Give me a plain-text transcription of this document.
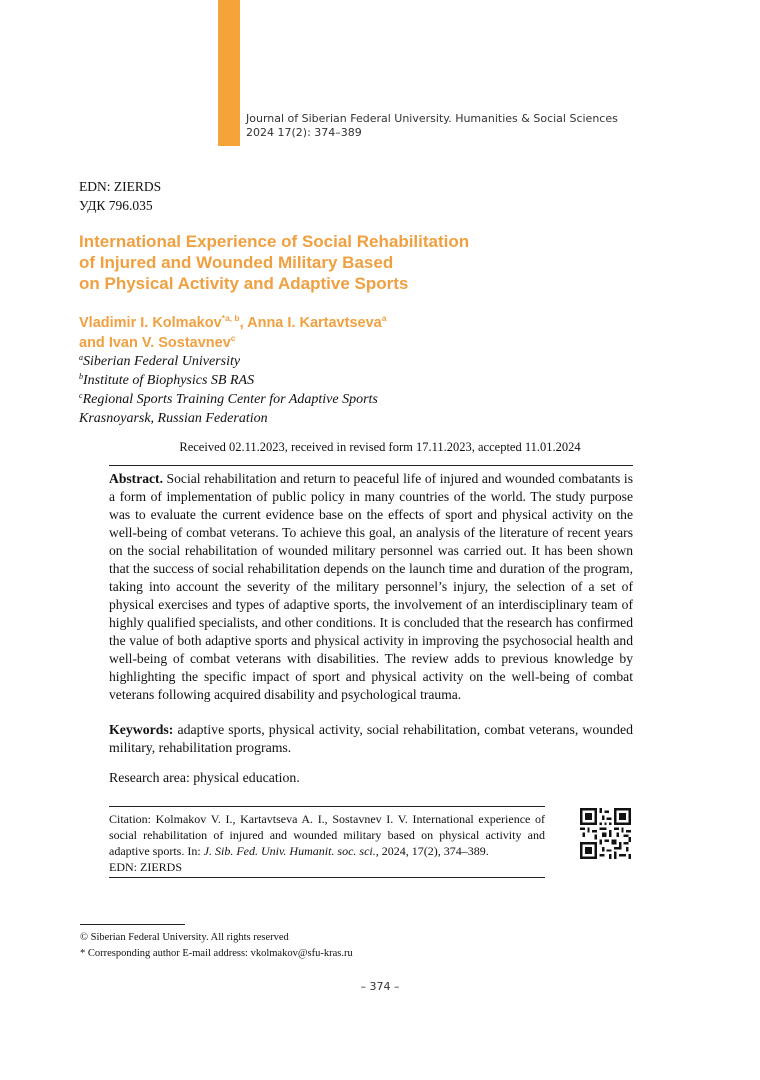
Journal of Siberian Federal University. Humanities & Social Sciences
2024 17(2): 374–389
EDN: ZIERDS
УДК 796.035
International Experience of Social Rehabilitation
of Injured and Wounded Military Based
on Physical Activity and Adaptive Sports
Vladimir I. Kolmakov$^{*a, b}$, Anna I. Kartavtseva$^a$
and Ivan V. Sostavnev$^c$
$^a$Siberian Federal University
$^b$Institute of Biophysics SB RAS
$^c$Regional Sports Training Center for Adaptive Sports
Krasnoyarsk, Russian Federation
Received 02.11.2023, received in revised form 17.11.2023, accepted 11.01.2024
Abstract. Social rehabilitation and return to peaceful life of injured and wounded combatants is a form of implementation of public policy in many countries of the world. The study purpose was to evaluate the current evidence base on the effects of sport and physical activity on the well-being of combat veterans. To achieve this goal, an analysis of the literature of recent years on the social rehabilitation of wounded military personnel was carried out. It has been shown that the success of social rehabilitation depends on the launch time and duration of the program, taking into account the severity of the military personnel’s injury, the selection of a set of physical exercises and types of adaptive sports, the involvement of an interdisciplinary team of highly qualified specialists, and other conditions. It is concluded that the research has confirmed the value of both adaptive sports and physical activity in improving the psychosocial health and well-being of combat veterans with disabilities. The review adds to previous knowledge by highlighting the specific impact of sport and physical activity on the well-being of combat veterans following acquired disability and psychological trauma.
Keywords: adaptive sports, physical activity, social rehabilitation, combat veterans, wounded military, rehabilitation programs.
Research area: physical education.
Citation: Kolmakov V. I., Kartavtseva A. I., Sostavnev I. V. International experience of social rehabilitation of injured and wounded military based on physical activity and adaptive sports. In: J. Sib. Fed. Univ. Humanit. soc. sci., 2024, 17(2), 374–389.
EDN: ZIERDS
© Siberian Federal University. All rights reserved
* Corresponding author E-mail address: vkolmakov@sfu-kras.ru
– 374 –
